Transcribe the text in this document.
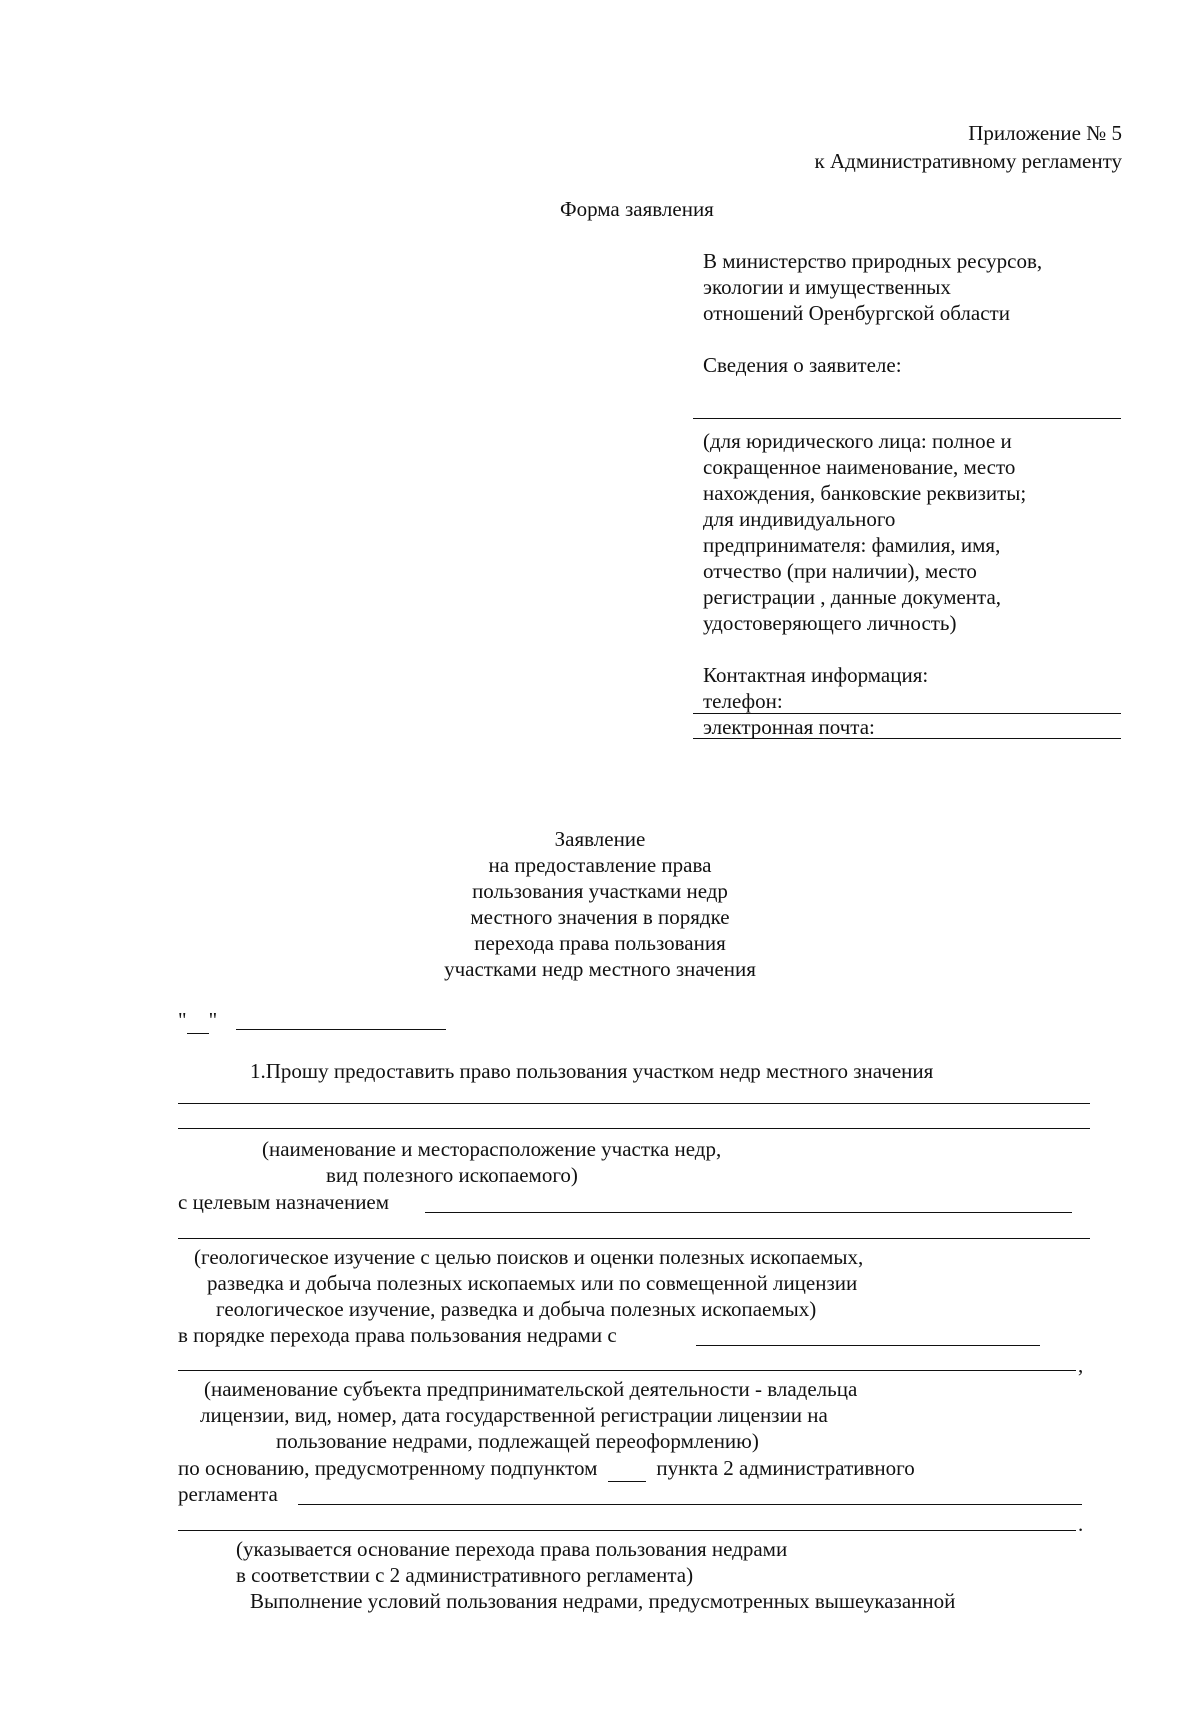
Приложение № 5
к Административному регламенту
Форма заявления
В министерство природных ресурсов,
экологии и имущественных
отношений Оренбургской области
Сведения о заявителе:
(для юридического лица: полное и
сокращенное наименование, место
нахождения, банковские реквизиты;
для индивидуального
предпринимателя: фамилия, имя,
отчество (при наличии), место
регистрации , данные документа,
удостоверяющего личность)
Контактная информация:
телефон:
электронная почта:
Заявление
на предоставление права
пользования участками недр
местного значения в порядке
перехода права пользования
участками недр местного значения
" "
1.Прошу предоставить право пользования участком недр местного значения
(наименование и месторасположение участка недр,
вид полезного ископаемого)
с целевым назначением
(геологическое изучение с целью поисков и оценки полезных ископаемых,
разведка и добыча полезных ископаемых или по совмещенной лицензии
геологическое изучение, разведка и добыча полезных ископаемых)
в порядке перехода права пользования недрами с
,
(наименование субъекта предпринимательской деятельности - владельца
лицензии, вид, номер, дата государственной регистрации лицензии на
пользование недрами, подлежащей переоформлению)
по основанию, предусмотренному подпунктом	пункта 2 административного
регламента
.
(указывается основание перехода права пользования недрами
в соответствии с 2 административного регламента)
Выполнение условий пользования недрами, предусмотренных вышеуказанной
